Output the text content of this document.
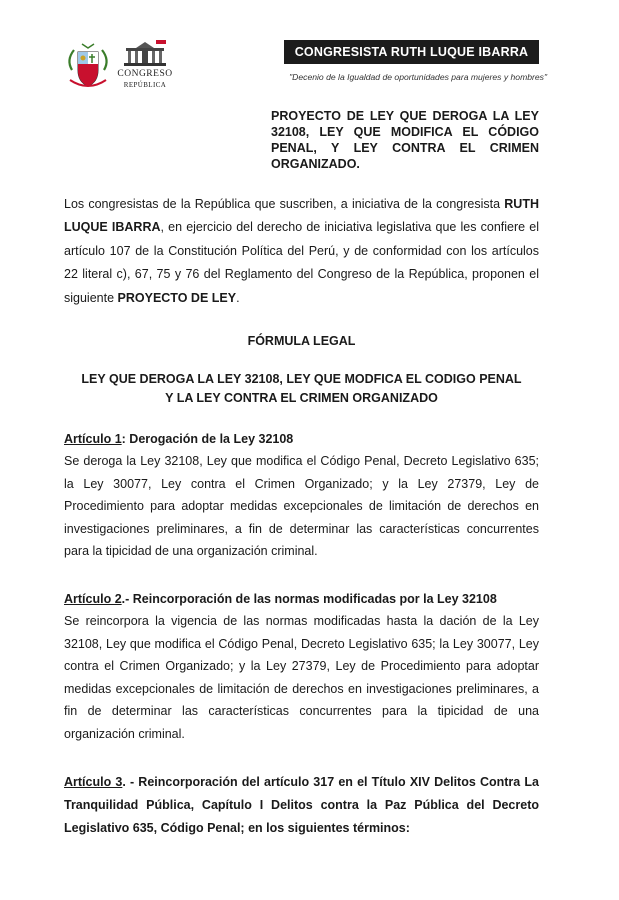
CONGRESO
REPÚBLICA
CONGRESISTA RUTH LUQUE IBARRA
"Decenio de la Igualdad de oportunidades para mujeres y hombres"
PROYECTO DE LEY QUE DEROGA LA LEY 32108, LEY QUE MODIFICA EL CÓDIGO PENAL, Y LEY CONTRA EL CRIMEN ORGANIZADO.

Los congresistas de la República que suscriben, a iniciativa de la congresista RUTH LUQUE IBARRA, en ejercicio del derecho de iniciativa legislativa que les confiere el artículo 107 de la Constitución Política del Perú, y de conformidad con los artículos 22 literal c), 67, 75 y 76 del Reglamento del Congreso de la República, proponen el siguiente PROYECTO DE LEY.

FÓRMULA LEGAL
LEY QUE DEROGA LA LEY 32108, LEY QUE MODFICA EL CODIGO PENAL
Y LA LEY CONTRA EL CRIMEN ORGANIZADO

Artículo 1: Derogación de la Ley 32108

Se deroga la Ley 32108, Ley que modifica el Código Penal, Decreto Legislativo 635; la Ley 30077, Ley contra el Crimen Organizado; y la Ley 27379, Ley de Procedimiento para adoptar medidas excepcionales de limitación de derechos en investigaciones preliminares, a fin de determinar las características concurrentes para la tipicidad de una organización criminal.

Artículo 2.- Reincorporación de las normas modificadas por la Ley 32108

Se reincorpora la vigencia de las normas modificadas hasta la dación de la Ley 32108, Ley que modifica el Código Penal, Decreto Legislativo 635; la Ley 30077, Ley contra el Crimen Organizado; y la Ley 27379, Ley de Procedimiento para adoptar medidas excepcionales de limitación de derechos en investigaciones preliminares, a fin de determinar las características concurrentes para la tipicidad de una organización criminal.

Artículo 3. - Reincorporación del artículo 317 en el Título XIV Delitos Contra La Tranquilidad Pública, Capítulo I Delitos contra la Paz Pública del Decreto Legislativo 635, Código Penal; en los siguientes términos:
